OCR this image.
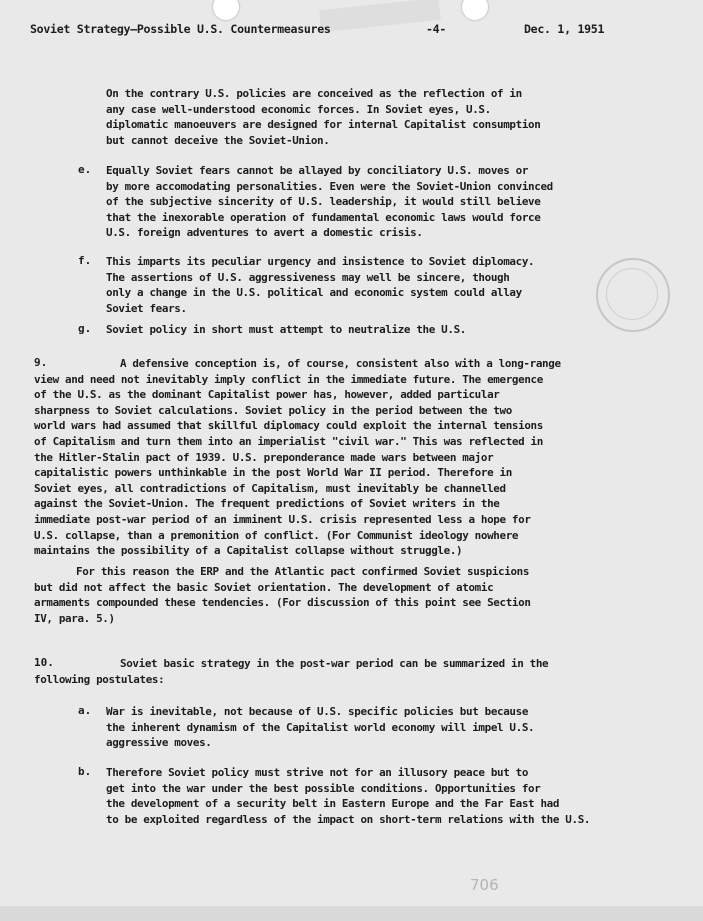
Soviet Strategy—Possible U.S. Countermeasures	-4-	Dec. 1, 1951
On the contrary U.S. policies are conceived as the reflection of in
any case well-understood economic forces. In Soviet eyes, U.S.
diplomatic manoeuvers are designed for internal Capitalist consumption
but cannot deceive the Soviet-Union.
e. Equally Soviet fears cannot be allayed by conciliatory U.S. moves or
by more accomodating personalities. Even were the Soviet-Union convinced
of the subjective sincerity of U.S. leadership, it would still believe
that the inexorable operation of fundamental economic laws would force
U.S. foreign adventures to avert a domestic crisis.
f. This imparts its peculiar urgency and insistence to Soviet diplomacy.
The assertions of U.S. aggressiveness may well be sincere, though
only a change in the U.S. political and economic system could allay
Soviet fears.
g. Soviet policy in short must attempt to neutralize the U.S.
9.	A defensive conception is, of course, consistent also with a long-range
view and need not inevitably imply conflict in the immediate future. The emergence
of the U.S. as the dominant Capitalist power has, however, added particular
sharpness to Soviet calculations. Soviet policy in the period between the two
world wars had assumed that skillful diplomacy could exploit the internal tensions
of Capitalism and turn them into an imperialist "civil war." This was reflected in
the Hitler-Stalin pact of 1939. U.S. preponderance made wars between major
capitalistic powers unthinkable in the post World War II period. Therefore in
Soviet eyes, all contradictions of Capitalism, must inevitably be channelled
against the Soviet-Union. The frequent predictions of Soviet writers in the
immediate post-war period of an imminent U.S. crisis represented less a hope for
U.S. collapse, than a premonition of conflict. (For Communist ideology nowhere
maintains the possibility of a Capitalist collapse without struggle.)
For this reason the ERP and the Atlantic pact confirmed Soviet suspicions
but did not affect the basic Soviet orientation. The development of atomic
armaments compounded these tendencies. (For discussion of this point see Section
IV, para. 5.)
10.	Soviet basic strategy in the post-war period can be summarized in the
following postulates:
a. War is inevitable, not because of U.S. specific policies but because
the inherent dynamism of the Capitalist world economy will impel U.S.
aggressive moves.
b. Therefore Soviet policy must strive not for an illusory peace but to
get into the war under the best possible conditions. Opportunities for
the development of a security belt in Eastern Europe and the Far East had
to be exploited regardless of the impact on short-term relations with the U.S.
706
